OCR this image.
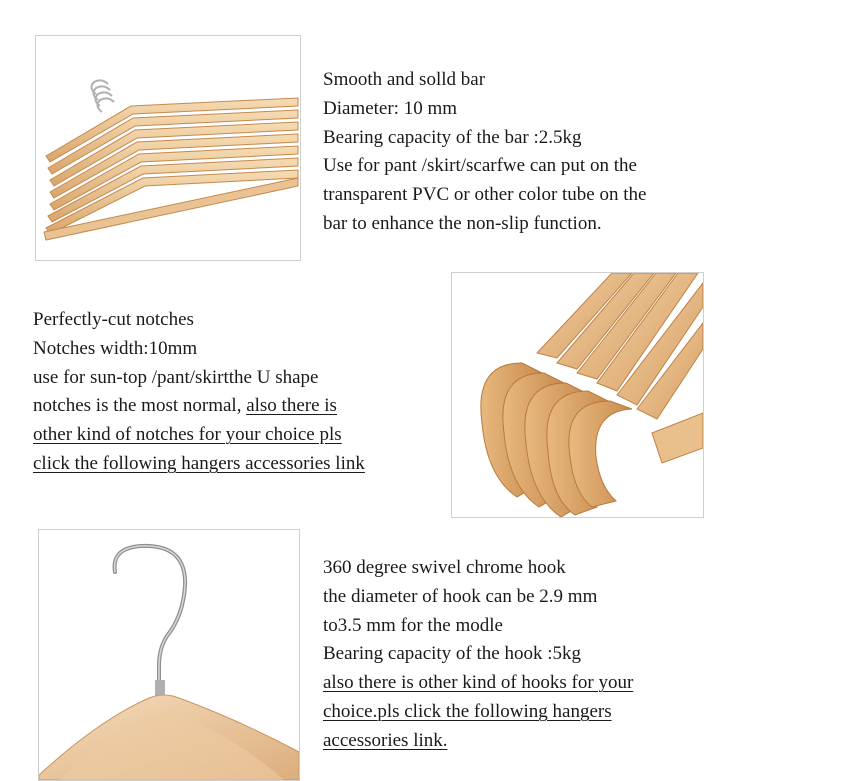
Smooth and solld bar
Diameter: 10 mm
Bearing capacity of the bar :2.5kg
Use for pant /skirt/scarfwe can put on the
transparent PVC or other color tube on the
bar to enhance the non-slip function.
Perfectly-cut notches
Notches width:10mm
use for sun-top /pant/skirtthe U shape
notches is the most normal, also there is
other kind of notches for your choice pls
click the following hangers accessories link
360 degree swivel chrome hook
the diameter of hook can be 2.9 mm
to3.5 mm for the modle
Bearing capacity of the hook :5kg
also there is other kind of hooks for your
choice.pls click the following hangers
accessories link.
